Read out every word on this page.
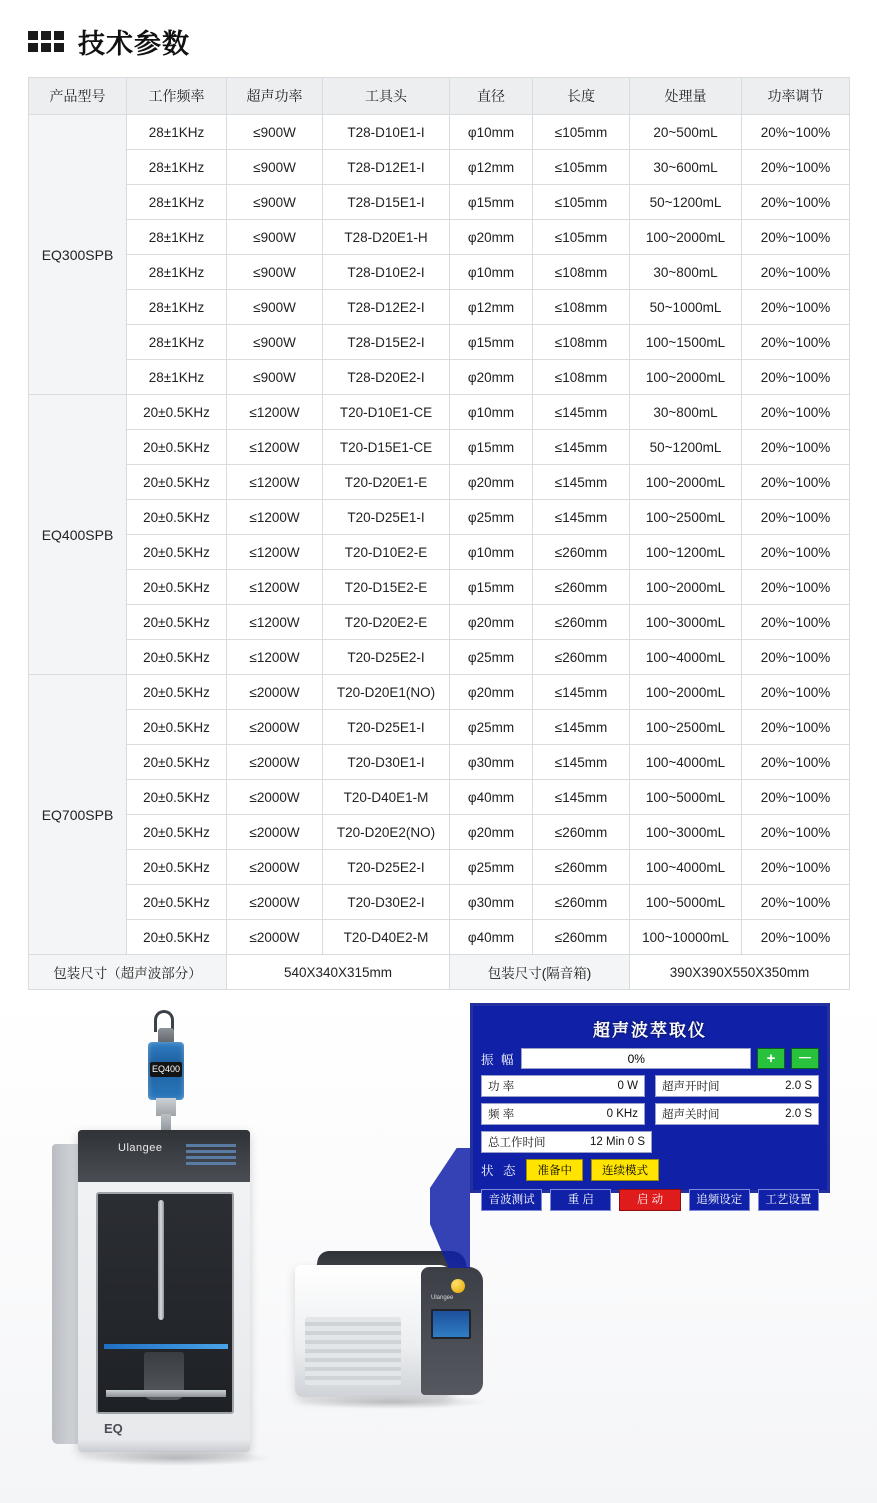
技术参数
产品型号	工作频率	超声功率	工具头	直径	长度	处理量	功率调节
EQ300SPB	28±1KHz	≤900W	T28-D10E1-I	φ10mm	≤105mm	20~500mL	20%~100%
	28±1KHz	≤900W	T28-D12E1-I	φ12mm	≤105mm	30~600mL	20%~100%
	28±1KHz	≤900W	T28-D15E1-I	φ15mm	≤105mm	50~1200mL	20%~100%
	28±1KHz	≤900W	T28-D20E1-H	φ20mm	≤105mm	100~2000mL	20%~100%
	28±1KHz	≤900W	T28-D10E2-I	φ10mm	≤108mm	30~800mL	20%~100%
	28±1KHz	≤900W	T28-D12E2-I	φ12mm	≤108mm	50~1000mL	20%~100%
	28±1KHz	≤900W	T28-D15E2-I	φ15mm	≤108mm	100~1500mL	20%~100%
	28±1KHz	≤900W	T28-D20E2-I	φ20mm	≤108mm	100~2000mL	20%~100%
EQ400SPB	20±0.5KHz	≤1200W	T20-D10E1-CE	φ10mm	≤145mm	30~800mL	20%~100%
	20±0.5KHz	≤1200W	T20-D15E1-CE	φ15mm	≤145mm	50~1200mL	20%~100%
	20±0.5KHz	≤1200W	T20-D20E1-E	φ20mm	≤145mm	100~2000mL	20%~100%
	20±0.5KHz	≤1200W	T20-D25E1-I	φ25mm	≤145mm	100~2500mL	20%~100%
	20±0.5KHz	≤1200W	T20-D10E2-E	φ10mm	≤260mm	100~1200mL	20%~100%
	20±0.5KHz	≤1200W	T20-D15E2-E	φ15mm	≤260mm	100~2000mL	20%~100%
	20±0.5KHz	≤1200W	T20-D20E2-E	φ20mm	≤260mm	100~3000mL	20%~100%
	20±0.5KHz	≤1200W	T20-D25E2-I	φ25mm	≤260mm	100~4000mL	20%~100%
EQ700SPB	20±0.5KHz	≤2000W	T20-D20E1(NO)	φ20mm	≤145mm	100~2000mL	20%~100%
	20±0.5KHz	≤2000W	T20-D25E1-I	φ25mm	≤145mm	100~2500mL	20%~100%
	20±0.5KHz	≤2000W	T20-D30E1-I	φ30mm	≤145mm	100~4000mL	20%~100%
	20±0.5KHz	≤2000W	T20-D40E1-M	φ40mm	≤145mm	100~5000mL	20%~100%
	20±0.5KHz	≤2000W	T20-D20E2(NO)	φ20mm	≤260mm	100~3000mL	20%~100%
	20±0.5KHz	≤2000W	T20-D25E2-I	φ25mm	≤260mm	100~4000mL	20%~100%
	20±0.5KHz	≤2000W	T20-D30E2-I	φ30mm	≤260mm	100~5000mL	20%~100%
	20±0.5KHz	≤2000W	T20-D40E2-M	φ40mm	≤260mm	100~10000mL	20%~100%
包装尺寸（超声波部分）		540X340X315mm		包装尺寸(隔音箱)		390X390X550X350mm	
EQ400
Ulangee
EQ
Ulangee
超声波萃取仪
振 幅	0%	+	－
功 率	0 W 超声开时间	2.0 S
频 率	0 KHz 超声关时间	2.0 S
总工作时间	12 Min 0 S
状 态	准备中	连续模式
音波测试	重 启	启 动	追频设定	工艺设置
